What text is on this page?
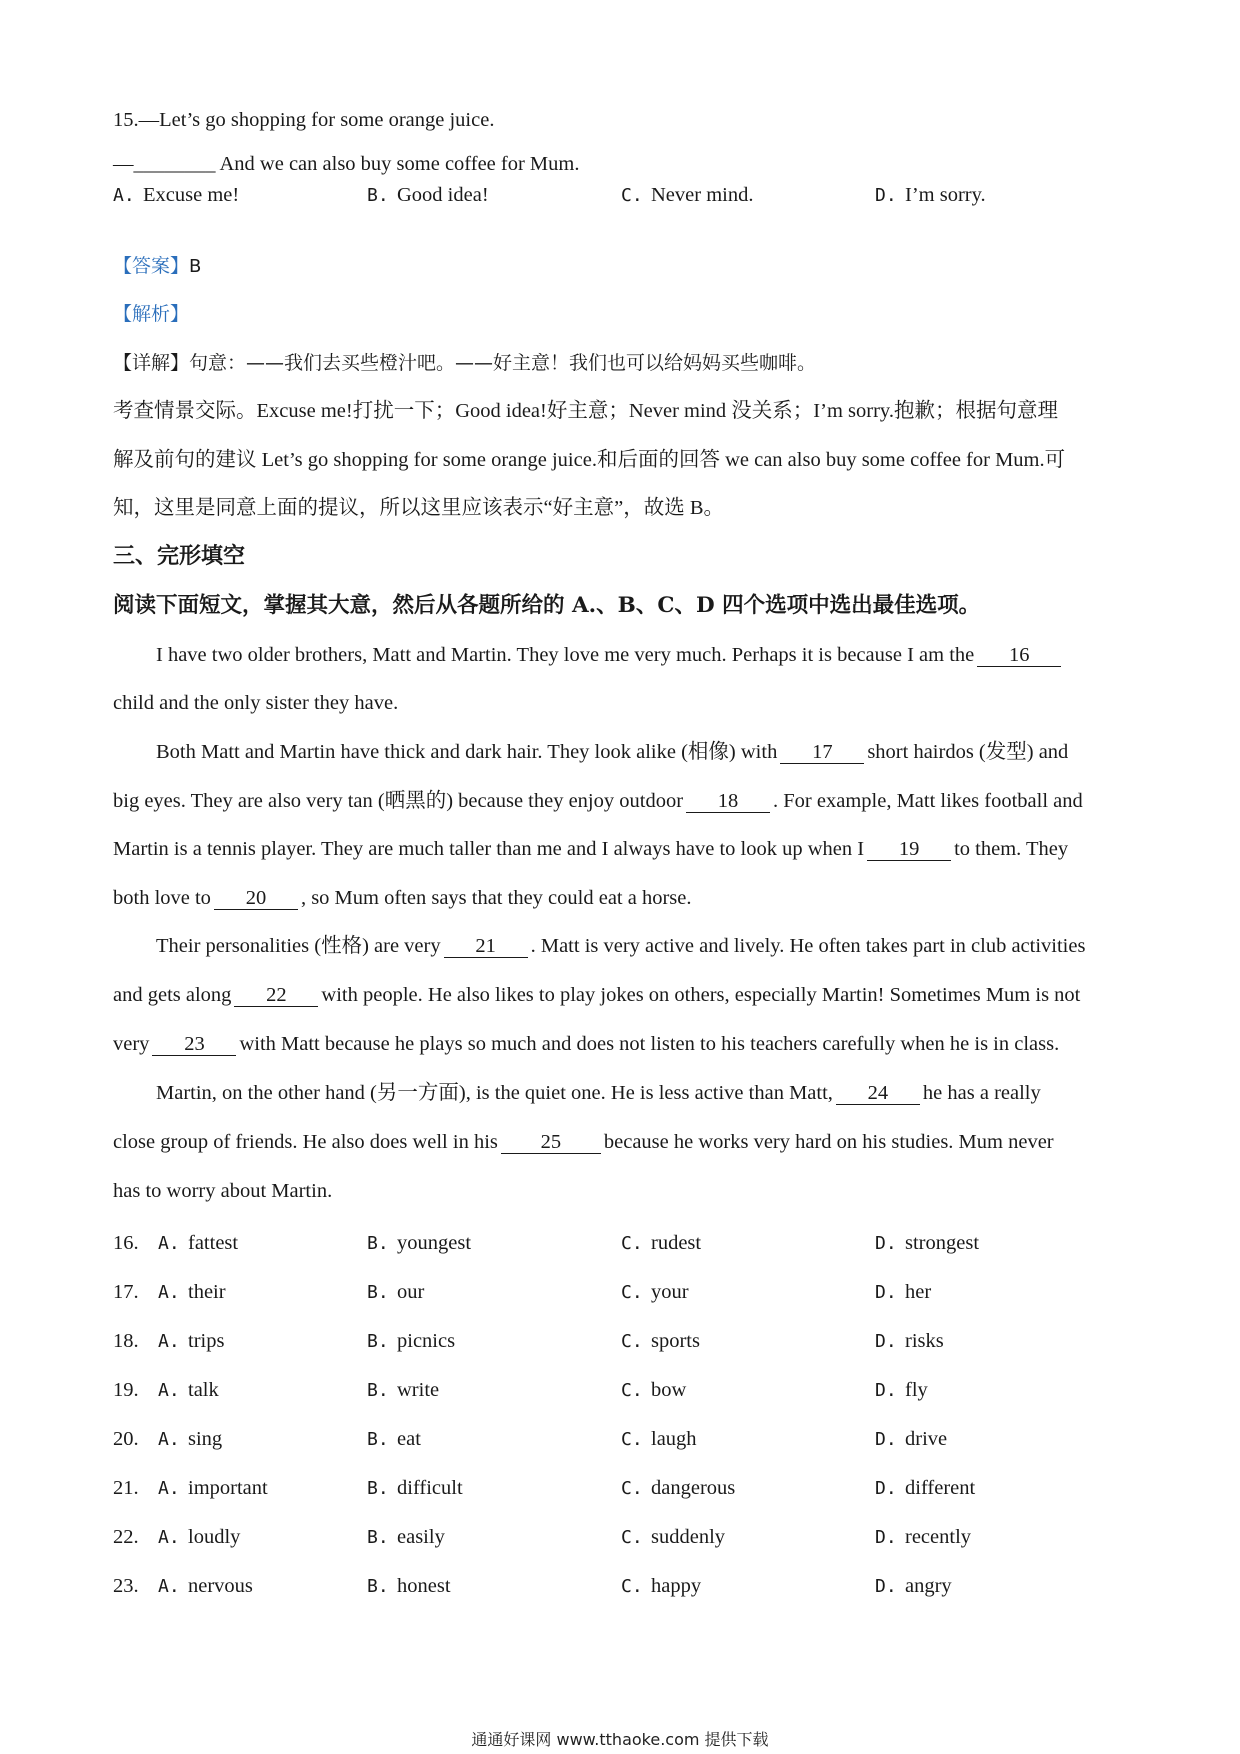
15.—Let’s go shopping for some orange juice.
—________ And we can also buy some coffee for Mum.
A. Excuse me!	B. Good idea!	C. Never mind.	D. I’m sorry.
【答案】B
【解析】
【详解】句意：——我们去买些橙汁吧。——好主意！我们也可以给妈妈买些咖啡。
考查情景交际。Excuse me!打扰一下；Good idea!好主意；Never mind 没关系；I’m sorry.抱歉；根据句意理
解及前句的建议 Let’s go shopping for some orange juice.和后面的回答 we can also buy some coffee for Mum.可
知，这里是同意上面的提议，所以这里应该表示“好主意”，故选 B。
三、完形填空
阅读下面短文，掌握其大意，然后从各题所给的 A.、B、C、D 四个选项中选出最佳选项。
I have two older brothers, Matt and Martin. They love me very much. Perhaps it is because I am the 16
child and the only sister they have.
Both Matt and Martin have thick and dark hair. They look alike (相像) with 17 short hairdos (发型) and
big eyes. They are also very tan (晒黑的) because they enjoy outdoor 18 . For example, Matt likes football and
Martin is a tennis player. They are much taller than me and I always have to look up when I 19 to them. They
both love to 20 , so Mum often says that they could eat a horse.
Their personalities (性格) are very 21 . Matt is very active and lively. He often takes part in club activities
and gets along 22 with people. He also likes to play jokes on others, especially Martin! Sometimes Mum is not
very 23 with Matt because he plays so much and does not listen to his teachers carefully when he is in class.
Martin, on the other hand (另一方面), is the quiet one. He is less active than Matt, 24 he has a really
close group of friends. He also does well in his 25 because he works very hard on his studies. Mum never
has to worry about Martin.
16. A. fattest	B. youngest	C. rudest	D. strongest
17. A. their	B. our	C. your	D. her
18. A. trips	B. picnics	C. sports	D. risks
19. A. talk	B. write	C. bow	D. fly
20. A. sing	B. eat	C. laugh	D. drive
21. A. important	B. difficult	C. dangerous	D. different
22. A. loudly	B. easily	C. suddenly	D. recently
23. A. nervous	B. honest	C. happy	D. angry
通通好课网 www.tthaoke.com 提供下载
